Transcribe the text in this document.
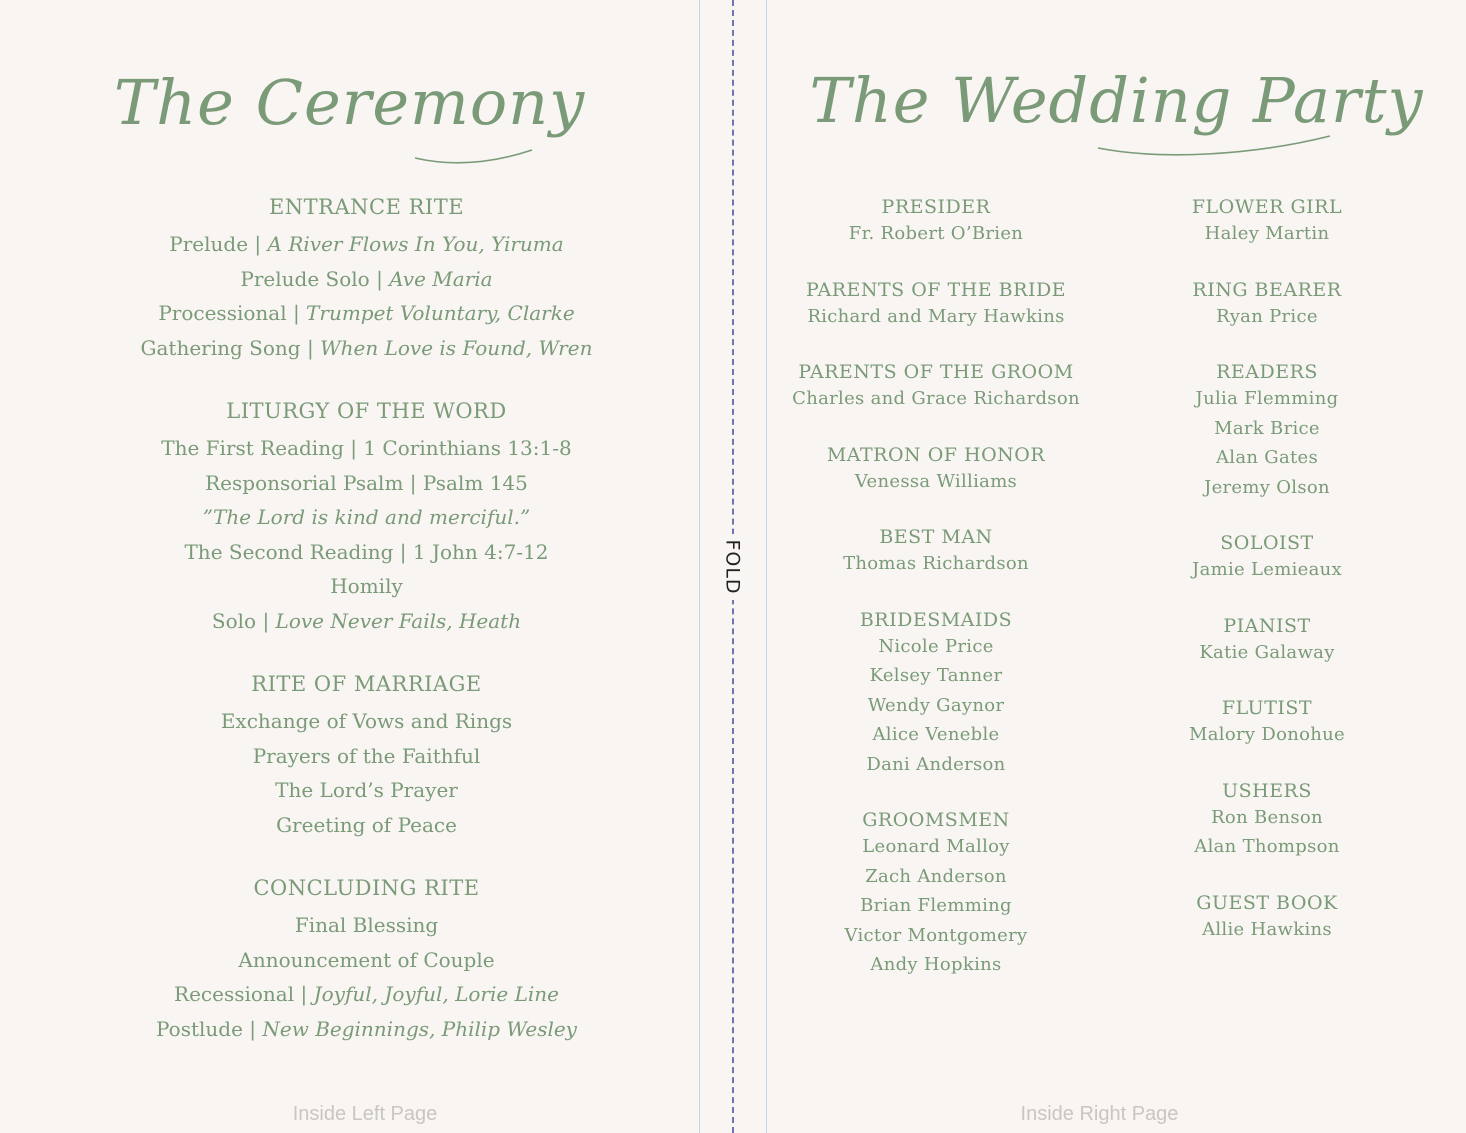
FOLD
The Ceremony
ENTRANCE RITE
Prelude | A River Flows In You, Yiruma
Prelude Solo | Ave Maria
Processional | Trumpet Voluntary, Clarke
Gathering Song | When Love is Found, Wren
LITURGY OF THE WORD
The First Reading | 1 Corinthians 13:1-8
Responsorial Psalm | Psalm 145
”The Lord is kind and merciful.”
The Second Reading | 1 John 4:7-12
Homily
Solo | Love Never Fails, Heath
RITE OF MARRIAGE
Exchange of Vows and Rings
Prayers of the Faithful
The Lord’s Prayer
Greeting of Peace
CONCLUDING RITE
Final Blessing
Announcement of Couple
Recessional | Joyful, Joyful, Lorie Line
Postlude | New Beginnings, Philip Wesley
Inside Left Page
The Wedding Party
PRESIDER
Fr. Robert O’Brien
PARENTS OF THE BRIDE
Richard and Mary Hawkins
PARENTS OF THE GROOM
Charles and Grace Richardson
MATRON OF HONOR
Venessa Williams
BEST MAN
Thomas Richardson
BRIDESMAIDS
Nicole Price
Kelsey Tanner
Wendy Gaynor
Alice Veneble
Dani Anderson
GROOMSMEN
Leonard Malloy
Zach Anderson
Brian Flemming
Victor Montgomery
Andy Hopkins
FLOWER GIRL
Haley Martin
RING BEARER
Ryan Price
READERS
Julia Flemming
Mark Brice
Alan Gates
Jeremy Olson
SOLOIST
Jamie Lemieaux
PIANIST
Katie Galaway
FLUTIST
Malory Donohue
USHERS
Ron Benson
Alan Thompson
GUEST BOOK
Allie Hawkins
Inside Right Page
